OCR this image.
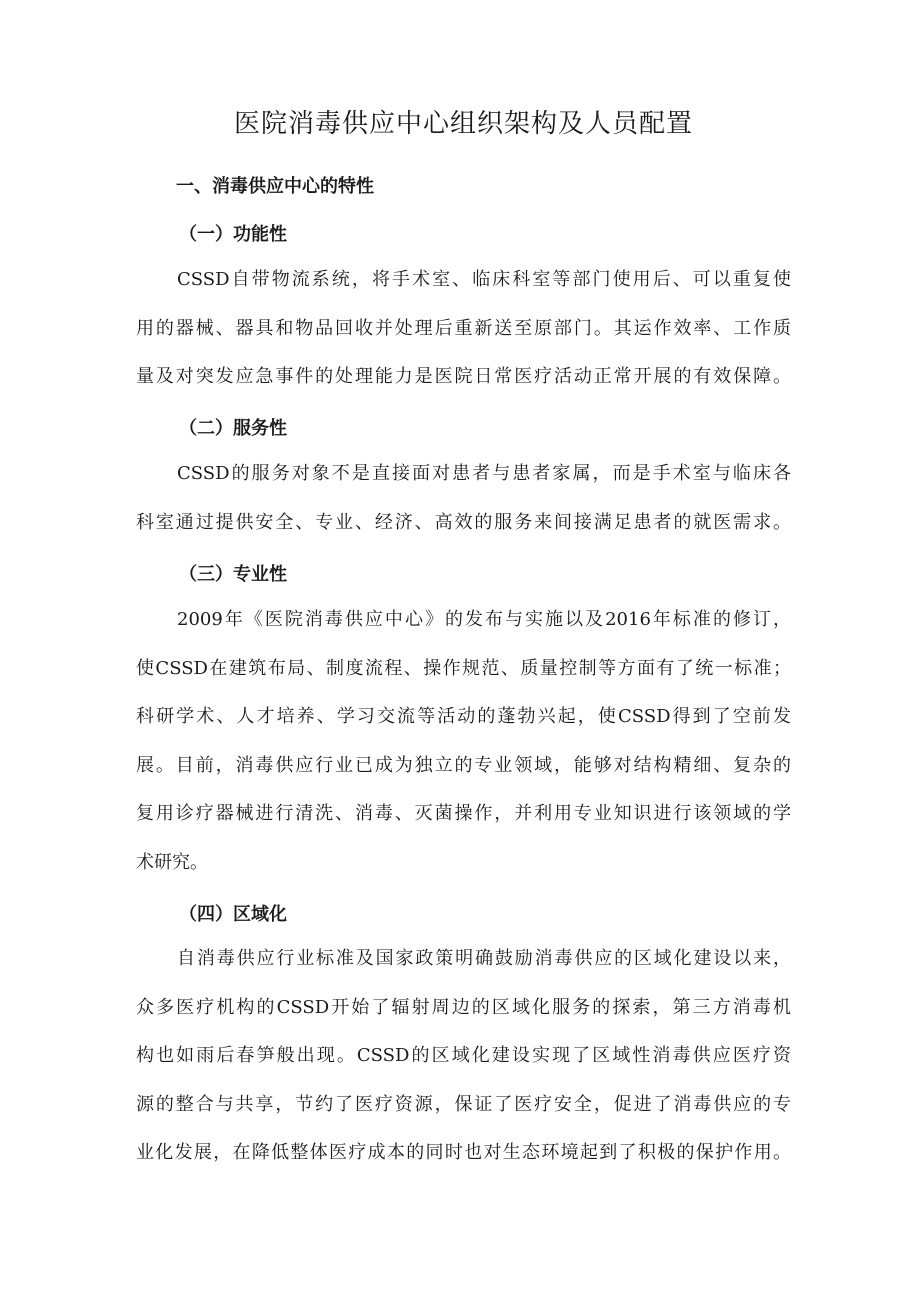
医院消毒供应中心组织架构及人员配置
一、消毒供应中心的特性
（一）功能性
CSSD自带物流系统，将手术室、临床科室等部门使用后、可以重复使
用的器械、器具和物品回收并处理后重新送至原部门。其运作效率、工作质
量及对突发应急事件的处理能力是医院日常医疗活动正常开展的有效保障。
（二）服务性
CSSD的服务对象不是直接面对患者与患者家属，而是手术室与临床各
科室通过提供安全、专业、经济、高效的服务来间接满足患者的就医需求。
（三）专业性
2009年《医院消毒供应中心》的发布与实施以及2016年标准的修订，
使CSSD在建筑布局、制度流程、操作规范、质量控制等方面有了统一标准；
科研学术、人才培养、学习交流等活动的蓬勃兴起，使CSSD得到了空前发
展。目前，消毒供应行业已成为独立的专业领域，能够对结构精细、复杂的
复用诊疗器械进行清洗、消毒、灭菌操作，并利用专业知识进行该领域的学
术研究。
（四）区域化
自消毒供应行业标准及国家政策明确鼓励消毒供应的区域化建设以来，
众多医疗机构的CSSD开始了辐射周边的区域化服务的探索，第三方消毒机
构也如雨后春笋般出现。CSSD的区域化建设实现了区域性消毒供应医疗资
源的整合与共享，节约了医疗资源，保证了医疗安全，促进了消毒供应的专
业化发展，在降低整体医疗成本的同时也对生态环境起到了积极的保护作用。
